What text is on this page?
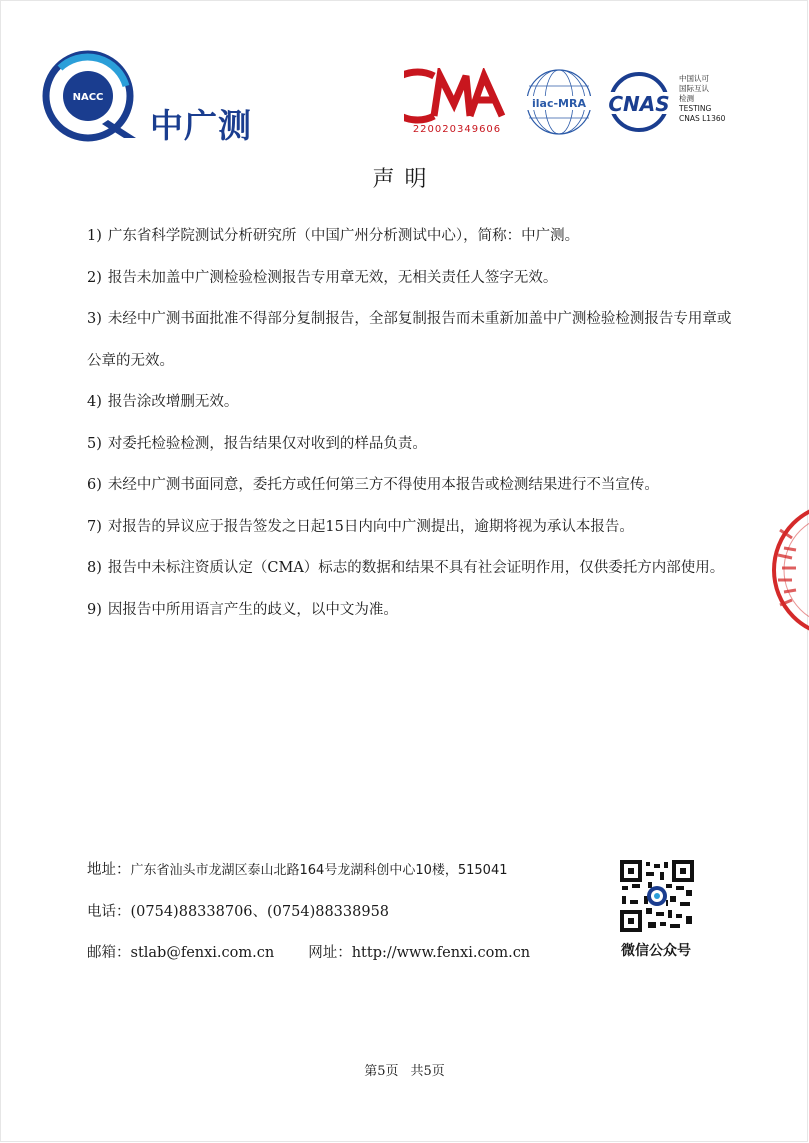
NACC
中广测	CMA
220020349606
ilac-MRA CNAS
中国认可
国际互认
检测
TESTING
CNAS L1360
声明

1) 广东省科学院测试分析研究所（中国广州分析测试中心），简称：中广测。

2) 报告未加盖中广测检验检测报告专用章无效，无相关责任人签字无效。

3) 未经中广测书面批准不得部分复制报告，全部复制报告而未重新加盖中广测检验检测报告专用章或公章的无效。

4) 报告涂改增删无效。

5) 对委托检验检测，报告结果仅对收到的样品负责。

6) 未经中广测书面同意，委托方或任何第三方不得使用本报告或检测结果进行不当宣传。

7) 对报告的异议应于报告签发之日起15日内向中广测提出，逾期将视为承认本报告。

8) 报告中未标注资质认定（CMA）标志的数据和结果不具有社会证明作用，仅供委托方内部使用。

9) 因报告中所用语言产生的歧义，以中文为准。

地址：广东省汕头市龙湖区泰山北路164号龙湖科创中心10楼，515041
电话：(0754)88338706、(0754)88338958
邮箱：stlab@fenxi.com.cn 网址：http://www.fenxi.com.cn	微信公众号
第5页 共5页
